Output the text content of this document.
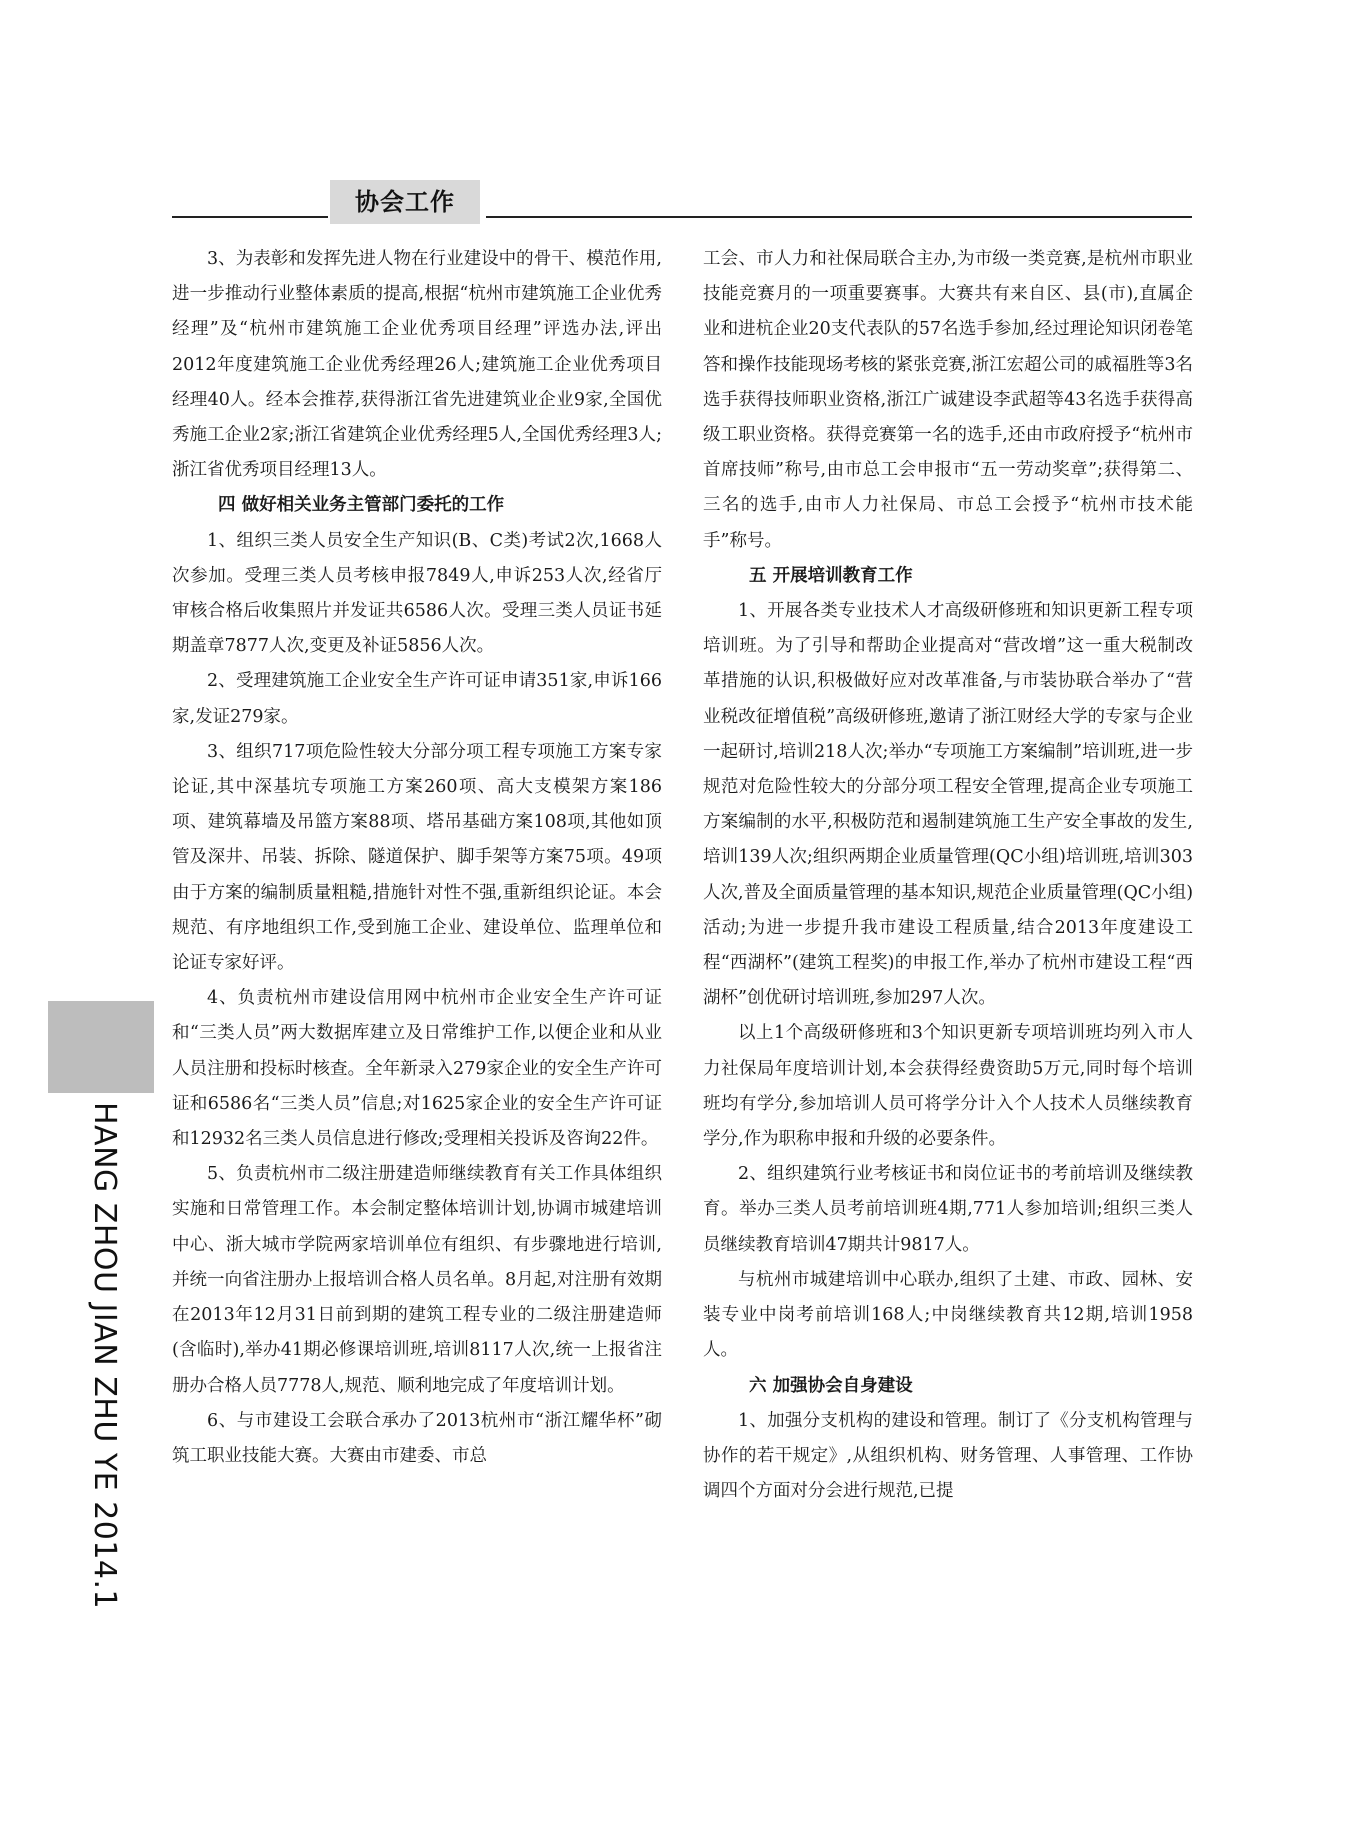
协会工作
HANG ZHOU JIAN ZHU YE 2014.1

3、为表彰和发挥先进人物在行业建设中的骨干、模范作用,进一步推动行业整体素质的提高,根据“杭州市建筑施工企业优秀经理”及“杭州市建筑施工企业优秀项目经理”评选办法,评出2012年度建筑施工企业优秀经理26人;建筑施工企业优秀项目经理40人。经本会推荐,获得浙江省先进建筑业企业9家,全国优秀施工企业2家;浙江省建筑企业优秀经理5人,全国优秀经理3人;浙江省优秀项目经理13人。

四 做好相关业务主管部门委托的工作

1、组织三类人员安全生产知识(B、C类)考试2次,1668人次参加。受理三类人员考核申报7849人,申诉253人次,经省厅审核合格后收集照片并发证共6586人次。受理三类人员证书延期盖章7877人次,变更及补证5856人次。

2、受理建筑施工企业安全生产许可证申请351家,申诉166家,发证279家。

3、组织717项危险性较大分部分项工程专项施工方案专家论证,其中深基坑专项施工方案260项、高大支模架方案186项、建筑幕墙及吊篮方案88项、塔吊基础方案108项,其他如顶管及深井、吊装、拆除、隧道保护、脚手架等方案75项。49项由于方案的编制质量粗糙,措施针对性不强,重新组织论证。本会规范、有序地组织工作,受到施工企业、建设单位、监理单位和论证专家好评。

4、负责杭州市建设信用网中杭州市企业安全生产许可证和“三类人员”两大数据库建立及日常维护工作,以便企业和从业人员注册和投标时核查。全年新录入279家企业的安全生产许可证和6586名“三类人员”信息;对1625家企业的安全生产许可证和12932名三类人员信息进行修改;受理相关投诉及咨询22件。

5、负责杭州市二级注册建造师继续教育有关工作具体组织实施和日常管理工作。本会制定整体培训计划,协调市城建培训中心、浙大城市学院两家培训单位有组织、有步骤地进行培训,并统一向省注册办上报培训合格人员名单。8月起,对注册有效期在2013年12月31日前到期的建筑工程专业的二级注册建造师(含临时),举办41期必修课培训班,培训8117人次,统一上报省注册办合格人员7778人,规范、顺利地完成了年度培训计划。

6、与市建设工会联合承办了2013杭州市“浙江耀华杯”砌筑工职业技能大赛。大赛由市建委、市总

工会、市人力和社保局联合主办,为市级一类竞赛,是杭州市职业技能竞赛月的一项重要赛事。大赛共有来自区、县(市),直属企业和进杭企业20支代表队的57名选手参加,经过理论知识闭卷笔答和操作技能现场考核的紧张竞赛,浙江宏超公司的戚福胜等3名选手获得技师职业资格,浙江广诚建设李武超等43名选手获得高级工职业资格。获得竞赛第一名的选手,还由市政府授予“杭州市首席技师”称号,由市总工会申报市“五一劳动奖章”;获得第二、三名的选手,由市人力社保局、市总工会授予“杭州市技术能手”称号。

五 开展培训教育工作

1、开展各类专业技术人才高级研修班和知识更新工程专项培训班。为了引导和帮助企业提高对“营改增”这一重大税制改革措施的认识,积极做好应对改革准备,与市装协联合举办了“营业税改征增值税”高级研修班,邀请了浙江财经大学的专家与企业一起研讨,培训218人次;举办“专项施工方案编制”培训班,进一步规范对危险性较大的分部分项工程安全管理,提高企业专项施工方案编制的水平,积极防范和遏制建筑施工生产安全事故的发生,培训139人次;组织两期企业质量管理(QC小组)培训班,培训303人次,普及全面质量管理的基本知识,规范企业质量管理(QC小组)活动;为进一步提升我市建设工程质量,结合2013年度建设工程“西湖杯”(建筑工程奖)的申报工作,举办了杭州市建设工程“西湖杯”创优研讨培训班,参加297人次。

以上1个高级研修班和3个知识更新专项培训班均列入市人力社保局年度培训计划,本会获得经费资助5万元,同时每个培训班均有学分,参加培训人员可将学分计入个人技术人员继续教育学分,作为职称申报和升级的必要条件。

2、组织建筑行业考核证书和岗位证书的考前培训及继续教育。举办三类人员考前培训班4期,771人参加培训;组织三类人员继续教育培训47期共计9817人。

与杭州市城建培训中心联办,组织了土建、市政、园林、安装专业中岗考前培训168人;中岗继续教育共12期,培训1958人。

六 加强协会自身建设

1、加强分支机构的建设和管理。制订了《分支机构管理与协作的若干规定》,从组织机构、财务管理、人事管理、工作协调四个方面对分会进行规范,已提
